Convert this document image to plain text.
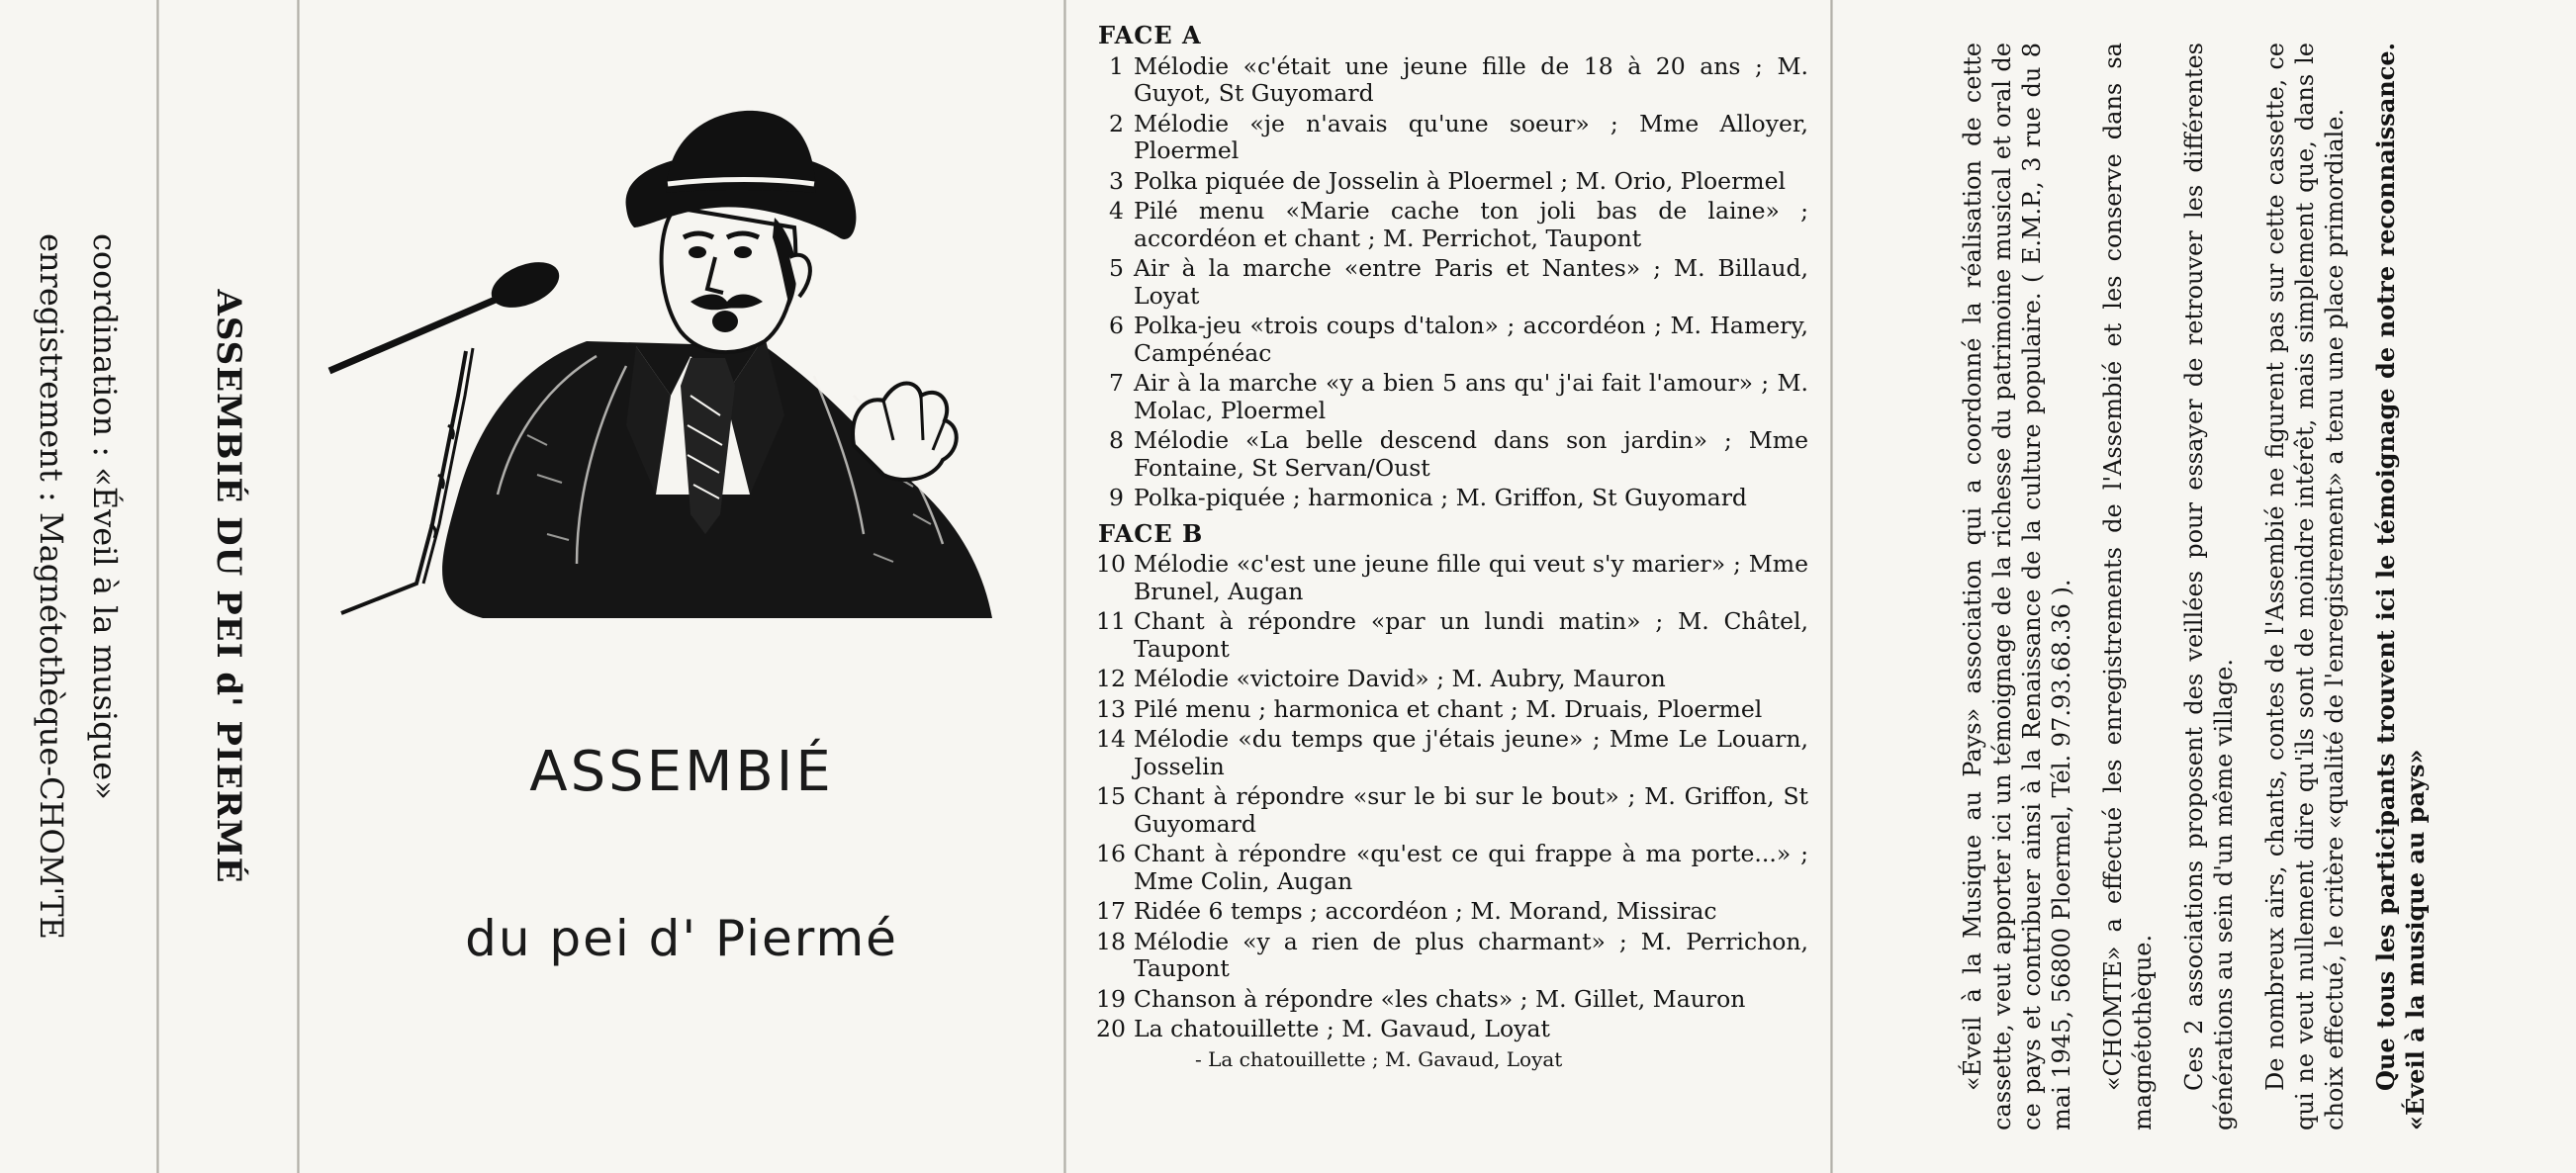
coordination : «Éveil à la musique»
enregistrement : Magnétothèque-CHOM'TE	ASSEMBIÉ DU PEI d' PIERMÉ	ASSEMBIÉ
du pei d' Piermé
FACE A
1 Mélodie «c'était une jeune fille de 18 à 20 ans ; M. Guyot, St Guyomard
2 Mélodie «je n'avais qu'une soeur» ; Mme Alloyer, Ploermel
3 Polka piquée de Josselin à Ploermel ; M. Orio, Ploermel
4 Pilé menu «Marie cache ton joli bas de laine» ; accordéon et chant ; M. Perrichot, Taupont
5 Air à la marche «entre Paris et Nantes» ; M. Billaud, Loyat
6 Polka-jeu «trois coups d'talon» ; accordéon ; M. Hamery, Campénéac
7 Air à la marche «y a bien 5 ans qu' j'ai fait l'amour» ; M. Molac, Ploermel
8 Mélodie «La belle descend dans son jardin» ; Mme Fontaine, St Servan/Oust
9 Polka-piquée ; harmonica ; M. Griffon, St Guyomard
FACE B
10 Mélodie «c'est une jeune fille qui veut s'y marier» ; Mme Brunel, Augan
11 Chant à répondre «par un lundi matin» ; M. Châtel, Taupont
12 Mélodie «victoire David» ; M. Aubry, Mauron
13 Pilé menu ; harmonica et chant ; M. Druais, Ploermel
14 Mélodie «du temps que j'étais jeune» ; Mme Le Louarn, Josselin
15 Chant à répondre «sur le bi sur le bout» ; M. Griffon, St Guyomard
16 Chant à répondre «qu'est ce qui frappe à ma porte...» ; Mme Colin, Augan
17 Ridée 6 temps ; accordéon ; M. Morand, Missirac
18 Mélodie «y a rien de plus charmant» ; M. Perrichon, Taupont
19 Chanson à répondre «les chats» ; M. Gillet, Mauron
20 La chatouillette ; M. Gavaud, Loyat
- La chatouillette ; M. Gavaud, Loyat	«Éveil à la Musique au Pays» association qui a coordonné la réalisation de cette cassette, veut apporter ici un témoignage de la richesse du patrimoine musical et oral de ce pays et contribuer ainsi à la Renaissance de la culture populaire. ( E.M.P., 3 rue du 8 mai 1945, 56800 Ploermel, Tél. 97.93.68.36 ). «CHOMTE» a effectué les enregistrements de l'Assembié et les conserve dans sa magnétothèque. Ces 2 associations proposent des veillées pour essayer de retrouver les différentes générations au sein d'un même village. De nombreux airs, chants, contes de l'Assembié ne figurent pas sur cette cassette, ce qui ne veut nullement dire qu'ils sont de moindre intérêt, mais simplement que, dans le choix effectué, le critère «qualité de l'enregistrement» a tenu une place primordiale. Que tous les participants trouvent ici le témoignage de notre reconnaissance. «Éveil à la musique au pays»
